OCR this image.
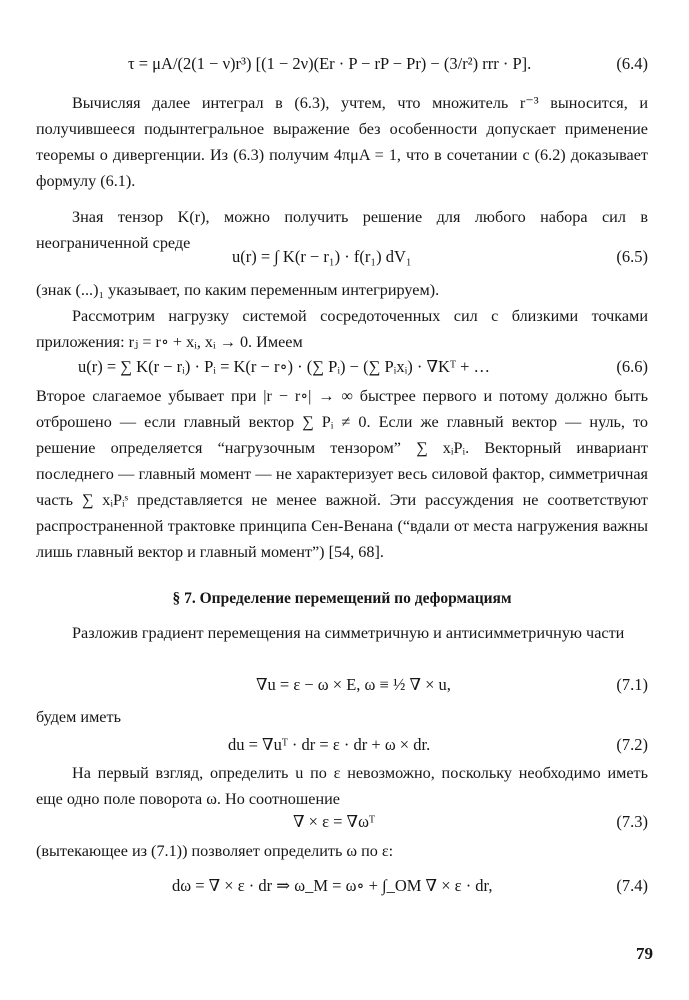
τ = μA/(2(1 − ν)r³) [(1 − 2ν)(Er · P − rP − Pr) − (3/r²) rrr · P].	(6.4)

Вычисляя далее интеграл в (6.3), учтем, что множитель r⁻³ выносится, и получившееся подынтегральное выражение без особенности допускает применение теоремы о дивергенции. Из (6.3) получим 4πμA = 1, что в сочетании с (6.2) доказывает формулу (6.1).

Зная тензор K(r), можно получить решение для любого набора сил в неограниченной среде

u(r) = ∫ K(r − r₁) · f(r₁) dV₁	(6.5)

(знак (...)₁ указывает, по каким переменным интегрируем).

Рассмотрим нагрузку системой сосредоточенных сил с близкими точками приложения: rⱼ = r∘ + xᵢ, xᵢ → 0. Имеем

u(r) = ∑ K(r − rᵢ) · Pᵢ = K(r − r∘) · (∑ Pᵢ) − (∑ Pᵢxᵢ) · ∇Kᵀ + …	(6.6)

Второе слагаемое убывает при |r − r∘| → ∞ быстрее первого и потому должно быть отброшено — если главный вектор ∑ Pᵢ ≠ 0. Если же главный вектор — нуль, то решение определяется “нагрузочным тензором” ∑ xᵢPᵢ. Векторный инвариант последнего — главный момент — не характеризует весь силовой фактор, симметричная часть ∑ xᵢPᵢˢ представляется не менее важной. Эти рассуждения не соответствуют распространенной трактовке принципа Сен-Венана (“вдали от места нагружения важны лишь главный вектор и главный момент”) [54, 68].

§ 7. Определение перемещений по деформациям

Разложив градиент перемещения на симметричную и антисимметричную части

∇u = ε − ω × E, ω ≡ ½ ∇ × u,	(7.1)

будем иметь

du = ∇uᵀ · dr = ε · dr + ω × dr.	(7.2)

На первый взгляд, определить u по ε невозможно, поскольку необходимо иметь еще одно поле поворота ω. Но соотношение

∇ × ε = ∇ωᵀ	(7.3)

(вытекающее из (7.1)) позволяет определить ω по ε:

dω = ∇ × ε · dr ⇒ ω_M = ω∘ + ∫_OM ∇ × ε · dr,	(7.4)
79
